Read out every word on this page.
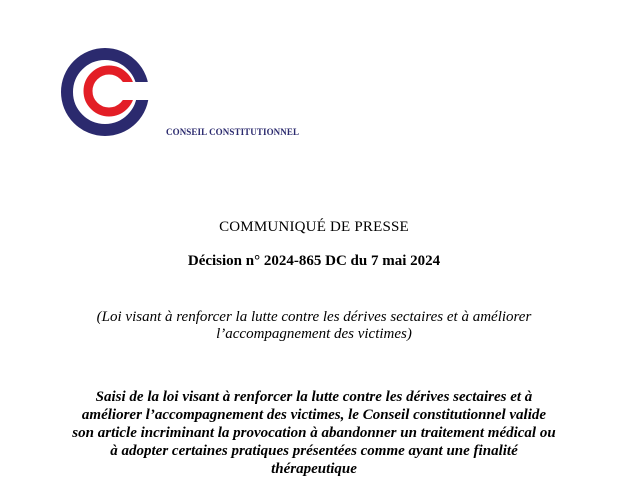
CONSEIL CONSTITUTIONNEL
COMMUNIQUÉ DE PRESSE
Décision n° 2024-865 DC du 7 mai 2024
(Loi visant à renforcer la lutte contre les dérives sectaires et à améliorer
l’accompagnement des victimes)
Saisi de la loi visant à renforcer la lutte contre les dérives sectaires et à
améliorer l’accompagnement des victimes, le Conseil constitutionnel valide
son article incriminant la provocation à abandonner un traitement médical ou
à adopter certaines pratiques présentées comme ayant une finalité
thérapeutique
